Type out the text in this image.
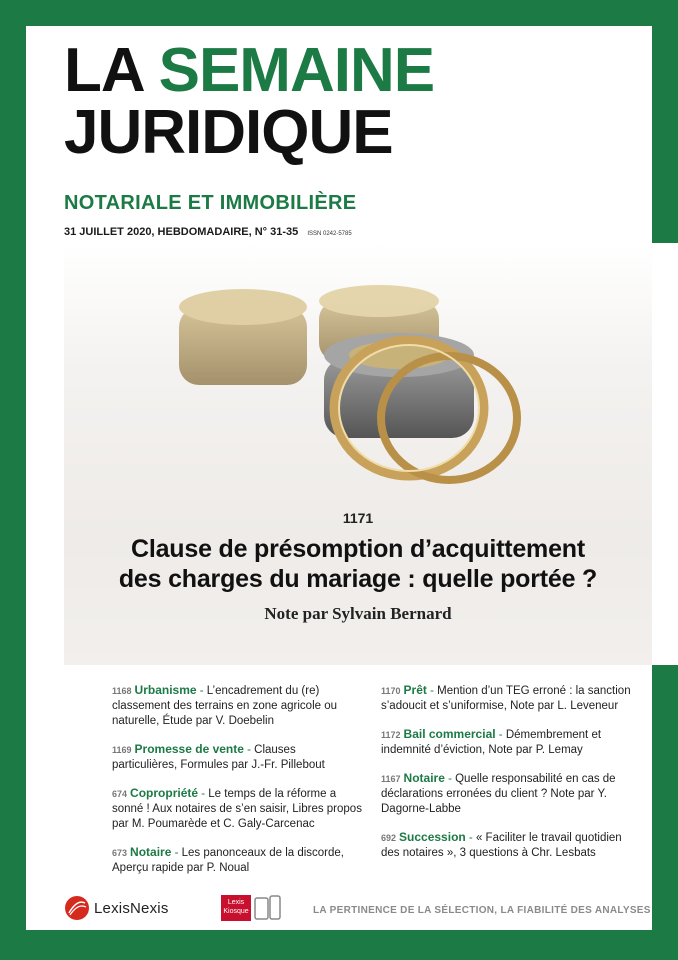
LA SEMAINE
JURIDIQUE
NOTARIALE ET IMMOBILIÈRE
31 JUILLET 2020, HEBDOMADAIRE, N° 31-35 ISSN 0242-5785
1171
Clause de présomption d’acquittement
des charges du mariage : quelle portée ?
Note par Sylvain Bernard
1168 Urbanisme - L’encadrement du (re) classement des terrains en zone agricole ou naturelle, Étude par V. Doebelin
1169 Promesse de vente - Clauses particulières, Formules par J.-Fr. Pillebout
674 Copropriété - Le temps de la réforme a sonné ! Aux notaires de s’en saisir, Libres propos par M. Poumarède et C. Galy-Carcenac
673 Notaire - Les panonceaux de la discorde, Aperçu rapide par P. Noual
1170 Prêt - Mention d’un TEG erroné : la sanction s’adoucit et s’uniformise, Note par L. Leveneur
1172 Bail commercial - Démembrement et indemnité d’éviction, Note par P. Lemay
1167 Notaire - Quelle responsabilité en cas de déclarations erronées du client ? Note par Y. Dagorne-Labbe
692 Succession - « Faciliter le travail quotidien des notaires », 3 questions à Chr. Lesbats
LexisNexis	Lexis
Kiosque	LA PERTINENCE DE LA SÉLECTION, LA FIABILITÉ DES ANALYSES
